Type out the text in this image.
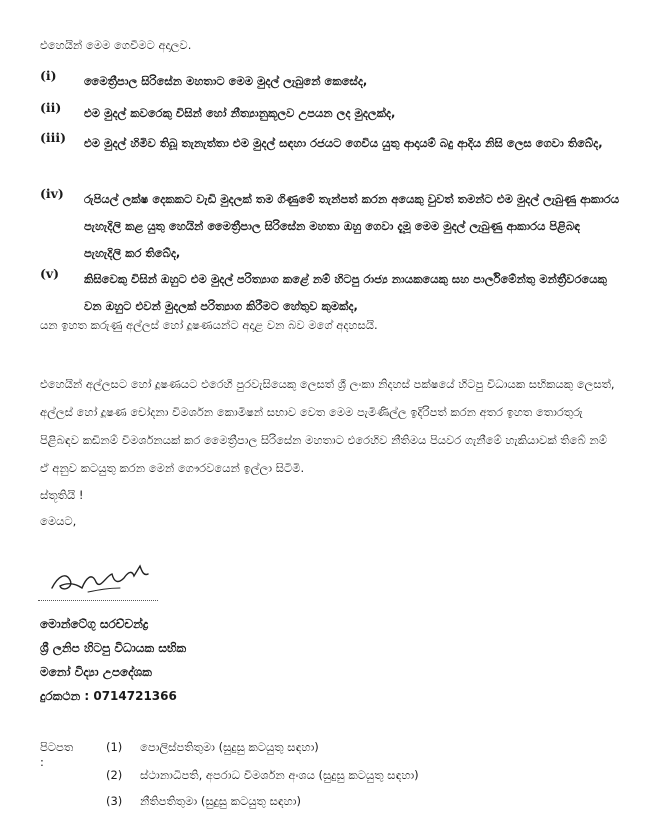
එහෙයින් මෙම ගෙවීමට අදාලව.
(i) මෛත්‍රීපාල සිරිසේන මහතාට මෙම මුදල් ලැබුනේ කෙසේද,
(ii) එම මුදල් කවරෙකු විසින් හෝ නීත්‍යානුකූලව උපයන ලද මුදලක්ද,
(iii) එම මුදල් හිමිව තිබූ තැනැත්තා එම මුදල් සඳහා රජයට ගෙවිය යුතු ආදායම් බදු ආදිය නිසි ලෙස ගෙවා තිබේද,
(iv) රුපියල් ලක්ෂ දෙකකට වැඩි මුදලක් තම ගිණුමේ තැන්පත් කරන අයෙකු වුවත් තමන්ට එම මුදල් ලැබුණු ආකාරය පැහැදිලි කළ යුතු හෙයින් මෛත්‍රීපාල සිරිසේන මහතා ඔහු ගෙවා දැමූ මෙම මුදල් ලැබුණු ආකාරය පිළිබඳ පැහැදිලි කර තිබේද,
(v) කිසිවෙකු විසින් ඔහුට එම මුදල් පරිත්‍යාග කළේ නම් හිටපු රාජ්‍ය නායකයෙකු සහ පාර්ලිමේන්තු මන්ත්‍රීවරයෙකු වන ඔහුට එවන් මුදලක් පරිත්‍යාග කිරීමට හේතුව කුමක්ද,
යන ඉහත කරුණු අල්ලස් හෝ දූෂණයන්ට අදාළ වන බව මගේ අදහසයි.
එහෙයින් අල්ලසට හෝ දූෂණයට එරෙහි පුරවැසියෙකු ලෙසත් ශ්‍රී ලංකා නිදහස් පක්ෂයේ හිටපු විධායක සභිකයකු ලෙසත්, අල්ලස් හෝ දූෂණ චෝදනා විමර්ශන කොමිෂන් සභාව වෙත මෙම පැමිණිල්ල ඉදිරිපත් කරන අතර ඉහත තොරතුරු පිළිබඳව කඩිනම් විමර්ශනයක් කර මෛත්‍රීපාල සිරිසේන මහතාට එරෙහිව නීතිමය පියවර ගැනීමේ හැකියාවක් තිබේ නම් ඒ අනුව කටයුතු කරන මෙන් ගෞරවයෙන් ඉල්ලා සිටිමි.
ස්තූතියි !
මෙයට,
මොන්ටේගු සරච්චන්ද්‍ර
ශ්‍රී ලනිප හිටපු විධායක සභික
මනෝ විද්‍යා උපදේශක
දුරකථන : 0714721366
පිටපත :
(1) පොලිස්පතිතුමා (සුදුසු කටයුතු සඳහා)
(2) ස්ථානාධිපති, අපරාධ විමර්ශන අංශය (සුදුසු කටයුතු සඳහා)
(3) නීතිපතිතුමා (සුදුසු කටයුතු සඳහා)
